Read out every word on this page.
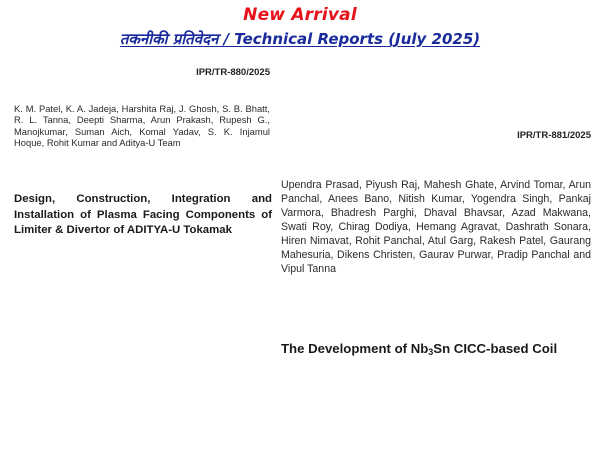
New Arrival
तकनीकी प्रतिवेदन / Technical Reports (July 2025)
IPR/TR-880/2025
K. M. Patel, K. A. Jadeja, Harshita Raj, J. Ghosh, S. B. Bhatt, R. L. Tanna, Deepti Sharma, Arun Prakash, Rupesh G., Manojkumar, Suman Aich, Komal Yadav, S. K. Injamul Hoque, Rohit Kumar and Aditya-U Team
Design, Construction, Integration and Installation of Plasma Facing Components of Limiter & Divertor of ADITYA-U Tokamak
IPR/TR-881/2025
Upendra Prasad, Piyush Raj, Mahesh Ghate, Arvind Tomar, Arun Panchal, Anees Bano, Nitish Kumar, Yogendra Singh, Pankaj Varmora, Bhadresh Parghi, Dhaval Bhavsar, Azad Makwana, Swati Roy, Chirag Dodiya, Hemang Agravat, Dashrath Sonara, Hiren Nimavat, Rohit Panchal, Atul Garg, Rakesh Patel, Gaurang Mahesuria, Dikens Christen, Gaurav Purwar, Pradip Panchal and Vipul Tanna
The Development of $Nb_3Sn$ CICC-based Coil
